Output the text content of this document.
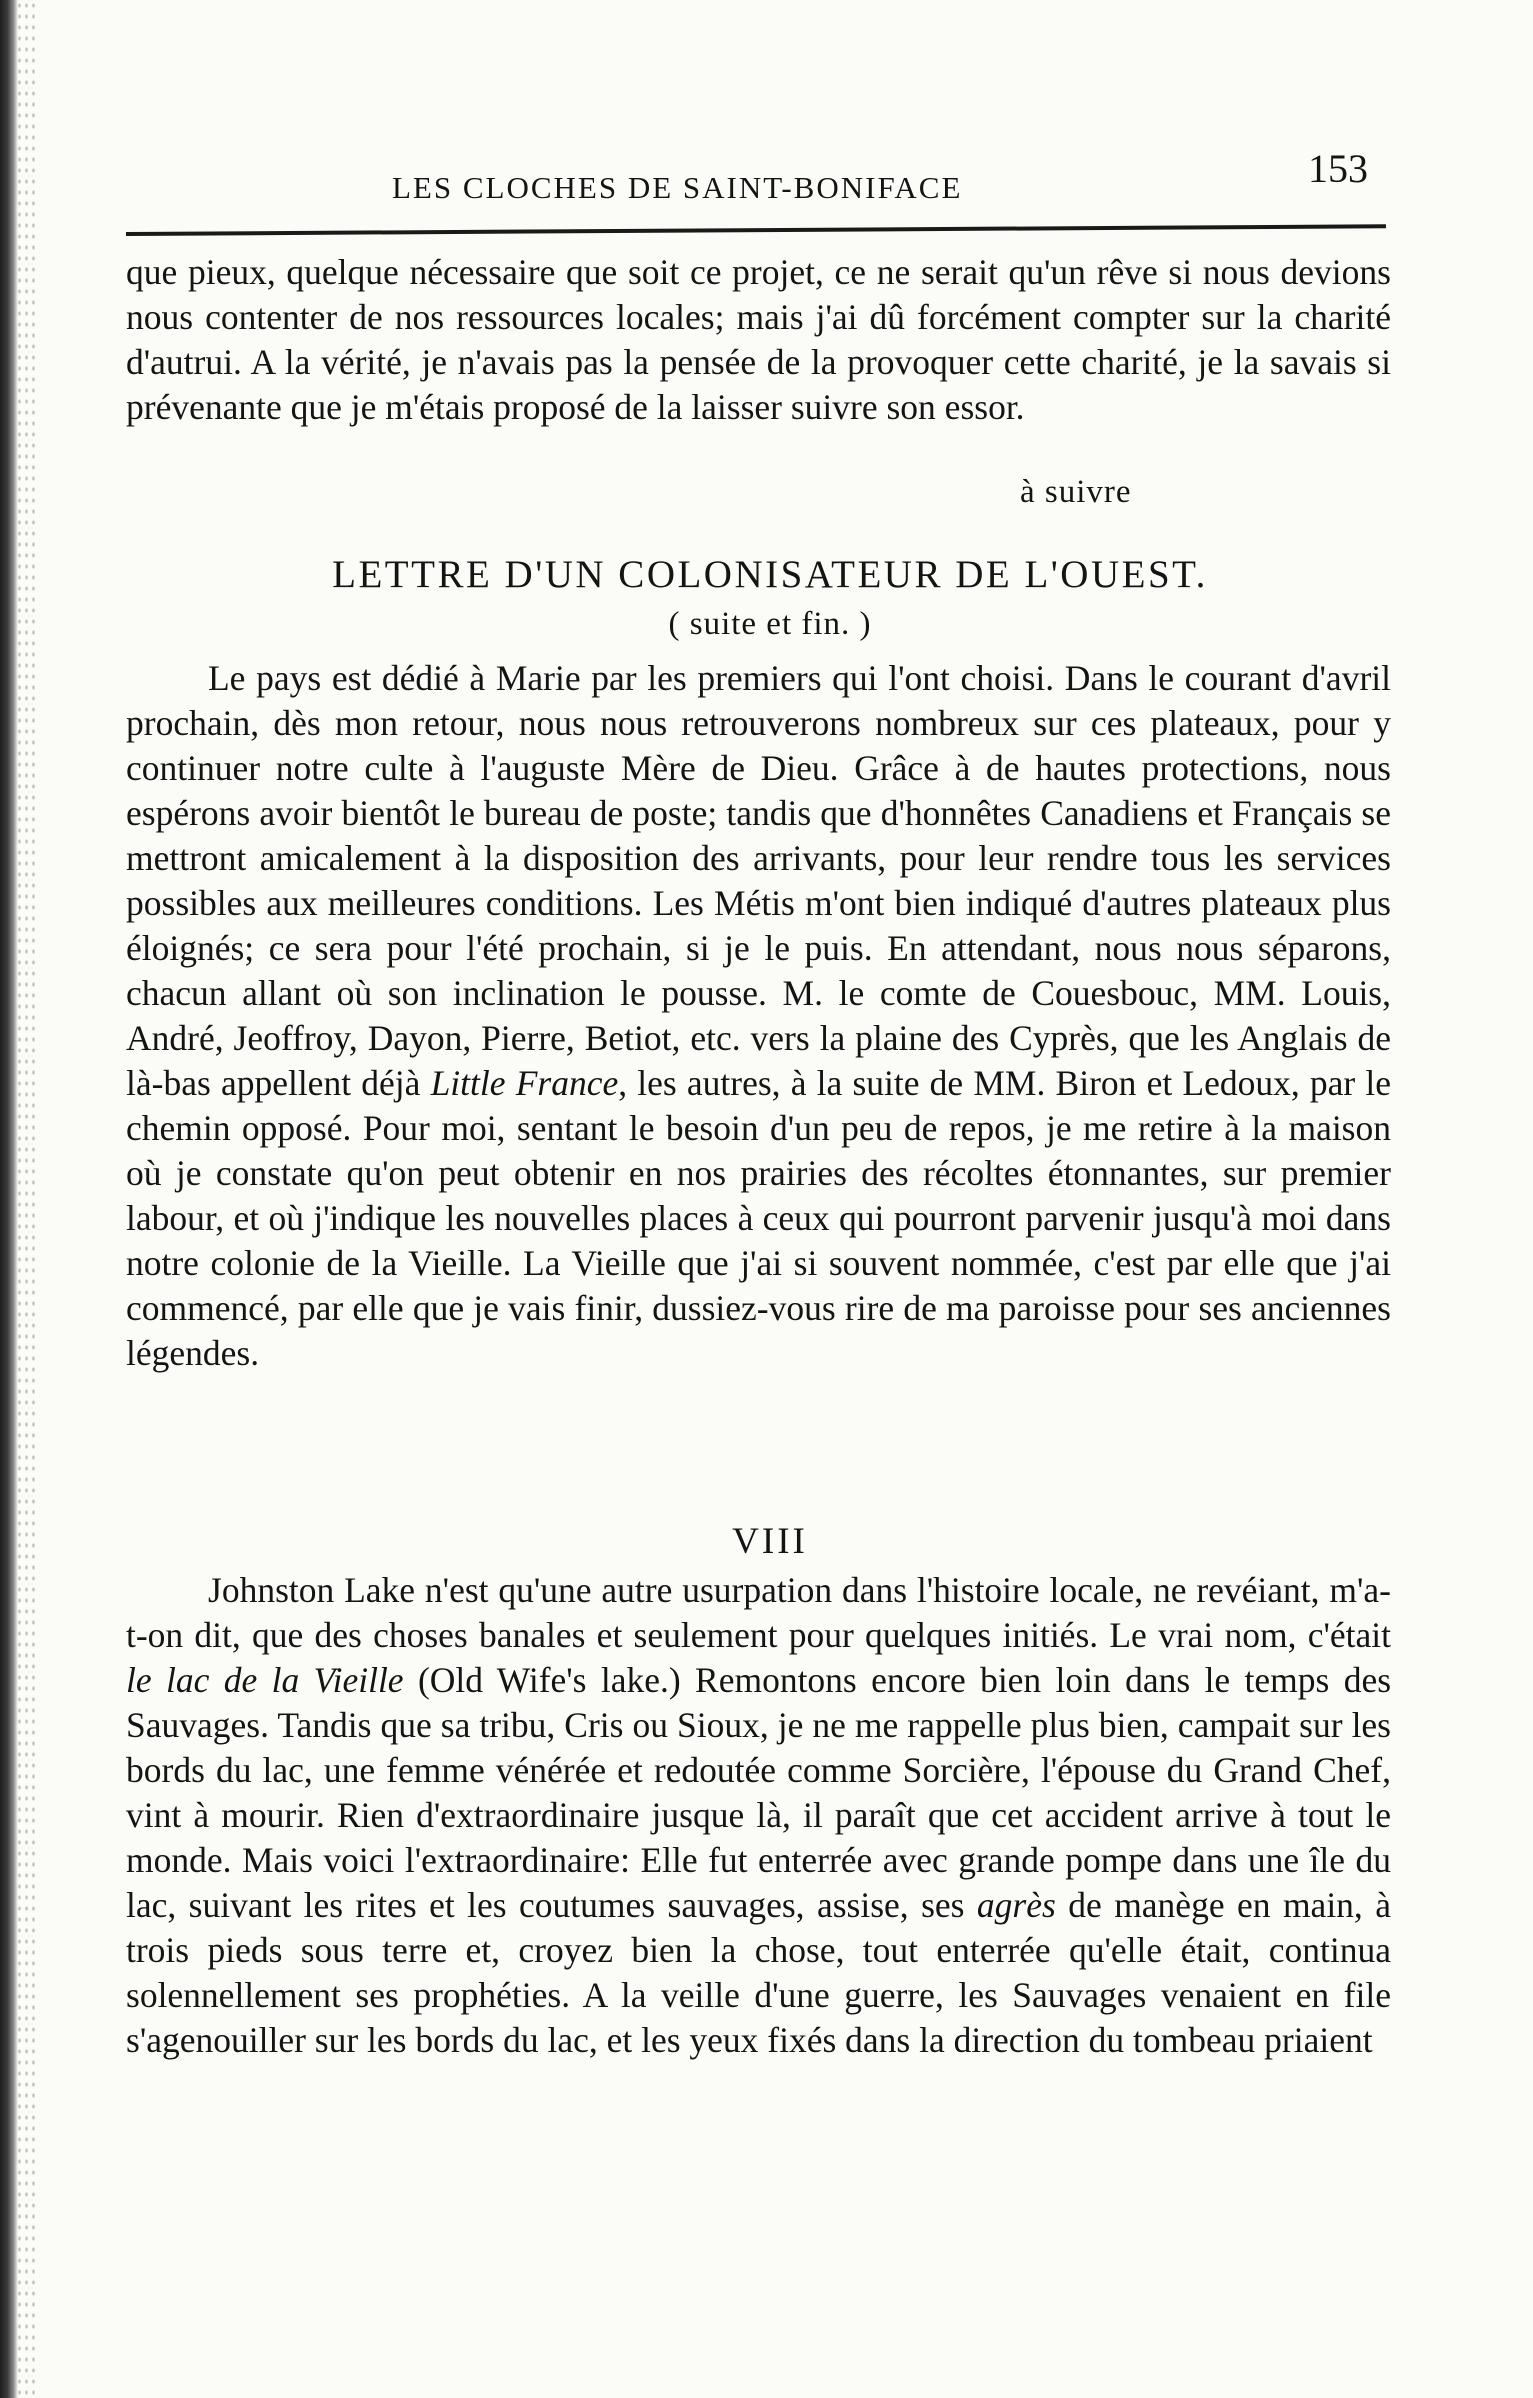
LES CLOCHES DE SAINT-BONIFACE	153

que pieux, quelque nécessaire que soit ce projet, ce ne serait qu'un rêve si nous devions nous contenter de nos ressources locales; mais j'ai dû forcément compter sur la charité d'autrui. A la vérité, je n'avais pas la pensée de la provoquer cette charité, je la savais si prévenante que je m'étais proposé de la laisser suivre son essor.

à suivre
LETTRE D'UN COLONISATEUR DE L'OUEST.
( suite et fin. )

Le pays est dédié à Marie par les premiers qui l'ont choisi. Dans le courant d'avril prochain, dès mon retour, nous nous retrouverons nombreux sur ces plateaux, pour y continuer notre culte à l'auguste Mère de Dieu. Grâce à de hautes protections, nous espérons avoir bientôt le bureau de poste; tandis que d'honnêtes Canadiens et Français se mettront amicalement à la disposition des arrivants, pour leur rendre tous les services possibles aux meilleures conditions. Les Métis m'ont bien indiqué d'autres plateaux plus éloignés; ce sera pour l'été prochain, si je le puis. En attendant, nous nous séparons, chacun allant où son inclination le pousse. M. le comte de Couesbouc, MM. Louis, André, Jeoffroy, Dayon, Pierre, Betiot, etc. vers la plaine des Cyprès, que les Anglais de là-bas appellent déjà Little France, les autres, à la suite de MM. Biron et Ledoux, par le chemin opposé. Pour moi, sentant le besoin d'un peu de repos, je me retire à la maison où je constate qu'on peut obtenir en nos prairies des récoltes étonnantes, sur premier labour, et où j'indique les nouvelles places à ceux qui pourront parvenir jusqu'à moi dans notre colonie de la Vieille. La Vieille que j'ai si souvent nommée, c'est par elle que j'ai commencé, par elle que je vais finir, dussiez-vous rire de ma paroisse pour ses anciennes légendes.

VIII

Johnston Lake n'est qu'une autre usurpation dans l'histoire locale, ne revéiant, m'a-t-on dit, que des choses banales et seulement pour quelques initiés. Le vrai nom, c'était le lac de la Vieille (Old Wife's lake.) Remontons encore bien loin dans le temps des Sauvages. Tandis que sa tribu, Cris ou Sioux, je ne me rappelle plus bien, campait sur les bords du lac, une femme vénérée et redoutée comme Sorcière, l'épouse du Grand Chef, vint à mourir. Rien d'extraordinaire jusque là, il paraît que cet accident arrive à tout le monde. Mais voici l'extraordinaire: Elle fut enterrée avec grande pompe dans une île du lac, suivant les rites et les coutumes sauvages, assise, ses agrès de manège en main, à trois pieds sous terre et, croyez bien la chose, tout enterrée qu'elle était, continua solennellement ses prophéties. A la veille d'une guerre, les Sauvages venaient en file s'agenouiller sur les bords du lac, et les yeux fixés dans la direction du tombeau priaient
